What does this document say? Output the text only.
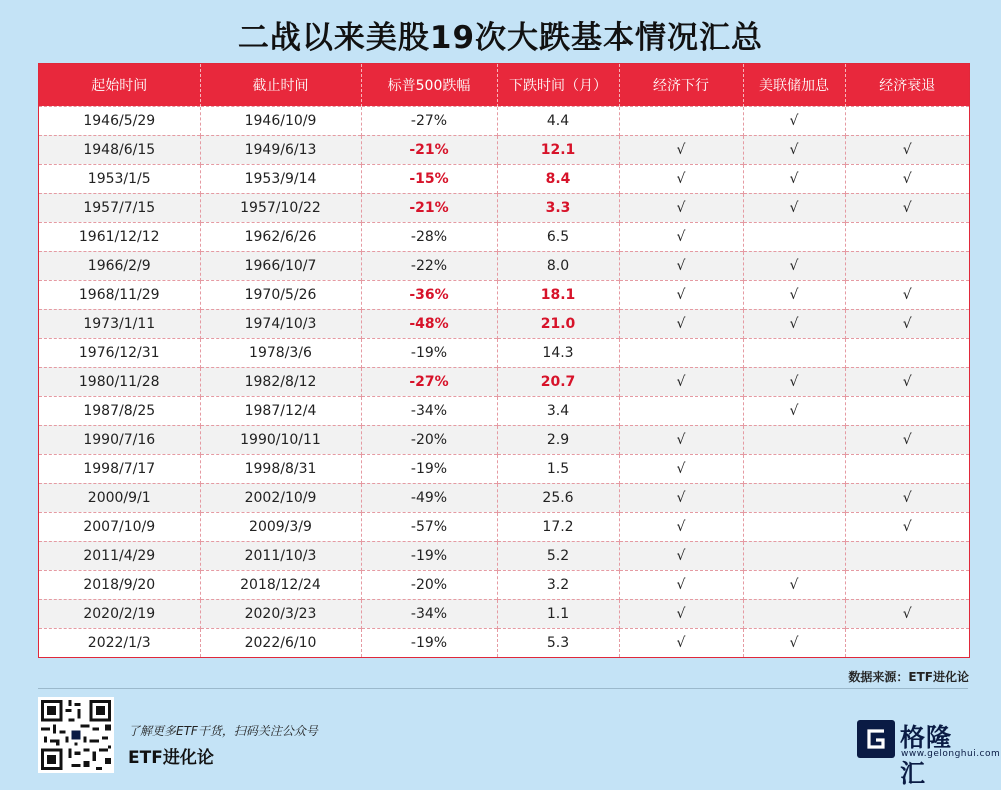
二战以来美股19次大跌基本情况汇总
起始时间	截止时间	标普500跌幅	下跌时间（月）	经济下行	美联储加息	经济衰退
1946/5/29	1946/10/9	-27%	4.4		√	
1948/6/15	1949/6/13	-21%	12.1	√	√	√
1953/1/5	1953/9/14	-15%	8.4	√	√	√
1957/7/15	1957/10/22	-21%	3.3	√	√	√
1961/12/12	1962/6/26	-28%	6.5	√		
1966/2/9	1966/10/7	-22%	8.0	√	√	
1968/11/29	1970/5/26	-36%	18.1	√	√	√
1973/1/11	1974/10/3	-48%	21.0	√	√	√
1976/12/31	1978/3/6	-19%	14.3			
1980/11/28	1982/8/12	-27%	20.7	√	√	√
1987/8/25	1987/12/4	-34%	3.4		√	
1990/7/16	1990/10/11	-20%	2.9	√		√
1998/7/17	1998/8/31	-19%	1.5	√		
2000/9/1	2002/10/9	-49%	25.6	√		√
2007/10/9	2009/3/9	-57%	17.2	√		√
2011/4/29	2011/10/3	-19%	5.2	√		
2018/9/20	2018/12/24	-20%	3.2	√	√	
2020/2/19	2020/3/23	-34%	1.1	√		√
2022/1/3	2022/6/10	-19%	5.3	√	√	
数据来源：ETF进化论
了解更多ETF干货，扫码关注公众号
ETF进化论
格隆汇
www.gelonghui.com
